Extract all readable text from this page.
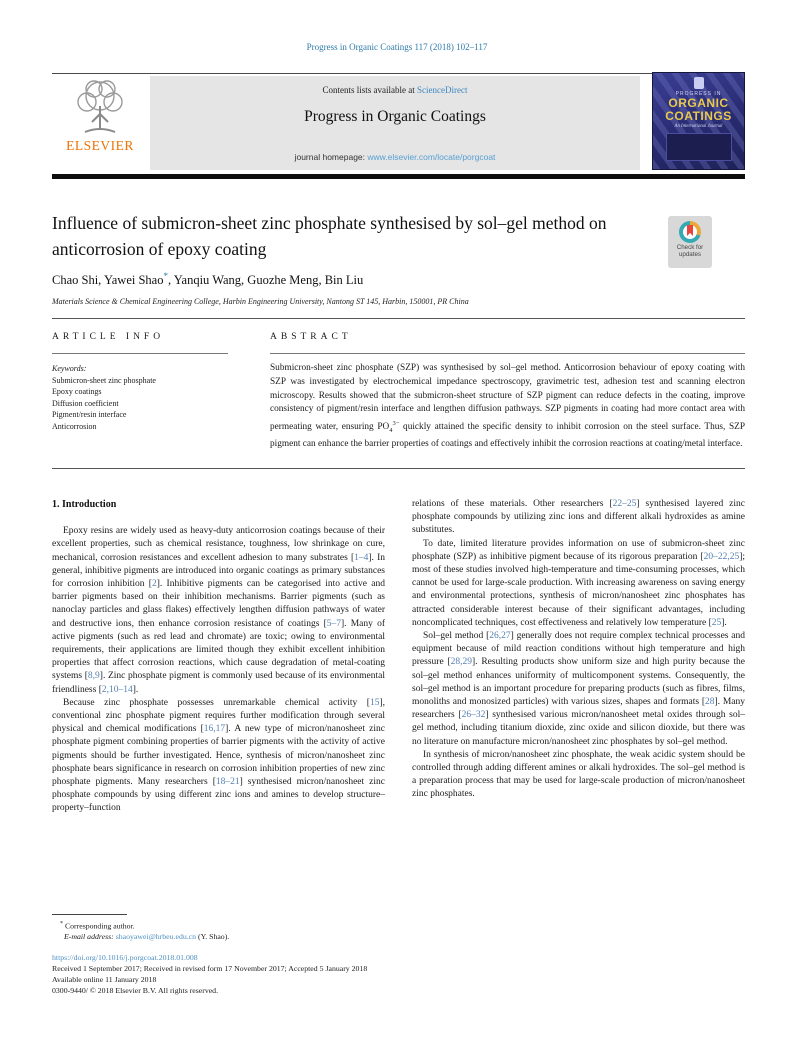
Progress in Organic Coatings 117 (2018) 102–117
ELSEVIER
Contents lists available at ScienceDirect
Progress in Organic Coatings
journal homepage: www.elsevier.com/locate/porgcoat
PROGRESS IN
ORGANIC
COATINGS
An International Journal
Influence of submicron-sheet zinc phosphate synthesised by sol–gel method on anticorrosion of epoxy coating	Check for
updates
Chao Shi, Yawei Shao*, Yanqiu Wang, Guozhe Meng, Bin Liu
Materials Science & Chemical Engineering College, Harbin Engineering University, Nantong ST 145, Harbin, 150001, PR China
ARTICLE INFO	ABSTRACT
Keywords:
Submicron-sheet zinc phosphate
Epoxy coatings
Diffusion coefficient
Pigment/resin interface
Anticorrosion
Submicron-sheet zinc phosphate (SZP) was synthesised by sol–gel method. Anticorrosion behaviour of epoxy coating with SZP was investigated by electrochemical impedance spectroscopy, gravimetric test, adhesion test and scanning electron microscopy. Results showed that the submicron-sheet structure of SZP pigment can reduce defects in the coating, improve consistency of pigment/resin interface and lengthen diffusion pathways. SZP pigments in coating had more contact area with permeating water, ensuring $PO_4^{3-}$ quickly attained the specific density to inhibit corrosion on the steel surface. Thus, SZP pigment can enhance the barrier properties of coatings and effectively inhibit the corrosion reactions at coating/metal interface.
1. Introduction

Epoxy resins are widely used as heavy-duty anticorrosion coatings because of their excellent properties, such as chemical resistance, toughness, low shrinkage on cure, mechanical, corrosion resistances and excellent adhesion to many substrates [1–4]. In general, inhibitive pigments are introduced into organic coatings as primary substances for corrosion inhibition [2]. Inhibitive pigments can be categorised into active and barrier pigments based on their inhibition mechanisms. Barrier pigments (such as nanoclay particles and glass flakes) effectively lengthen diffusion pathways of water and destructive ions, then enhance corrosion resistance of coatings [5–7]. Many of active pigments (such as red lead and chromate) are toxic; owing to environmental requirements, their applications are limited though they exhibit excellent inhibition properties that affect corrosion reactions, which cause degradation of metal-coating systems [8,9]. Zinc phosphate pigment is commonly used because of its environmental friendliness [2,10–14].

Because zinc phosphate possesses unremarkable chemical activity [15], conventional zinc phosphate pigment requires further modification through several physical and chemical modifications [16,17]. A new type of micron/nanosheet zinc phosphate pigment combining properties of barrier pigments with the activity of active pigments should be further investigated. Hence, synthesis of micron/nanosheet zinc phosphate bears significance in research on corrosion inhibition properties of new zinc phosphate pigments. Many researchers [18–21] synthesised micron/nanosheet zinc phosphate compounds by using different zinc ions and amines to develop structure–property–function

relations of these materials. Other researchers [22–25] synthesised layered zinc phosphate compounds by utilizing zinc ions and different alkali hydroxides as amine substitutes.

To date, limited literature provides information on use of submicron-sheet zinc phosphate (SZP) as inhibitive pigment because of its rigorous preparation [20–22,25]; most of these studies involved high-temperature and time-consuming processes, which cannot be used for large-scale production. With increasing awareness on saving energy and environmental protections, synthesis of micron/nanosheet zinc phosphates has attracted considerable interest because of their significant advantages, including noncomplicated techniques, cost effectiveness and relatively low temperature [25].

Sol–gel method [26,27] generally does not require complex technical processes and equipment because of mild reaction conditions without high temperature and high pressure [28,29]. Resulting products show uniform size and high purity because the sol–gel method enhances uniformity of multicomponent systems. Consequently, the sol–gel method is an important procedure for preparing products (such as fibres, films, monoliths and monosized particles) with various sizes, shapes and formats [28]. Many researchers [26–32] synthesised various micron/nanosheet metal oxides through sol–gel method, including titanium dioxide, zinc oxide and silicon dioxide, but there was no literature on manufacture micron/nanosheet zinc phosphates by sol–gel method.

In synthesis of micron/nanosheet zinc phosphate, the weak acidic system should be controlled through adding different amines or alkali hydroxides. The sol–gel method is a preparation process that may be used for large-scale production of micron/nanosheet zinc phosphates.

* Corresponding author.
E-mail address: shaoyawei@hrbeu.edu.cn (Y. Shao).
https://doi.org/10.1016/j.porgcoat.2018.01.008
Received 1 September 2017; Received in revised form 17 November 2017; Accepted 5 January 2018
Available online 11 January 2018
0300-9440/ © 2018 Elsevier B.V. All rights reserved.
